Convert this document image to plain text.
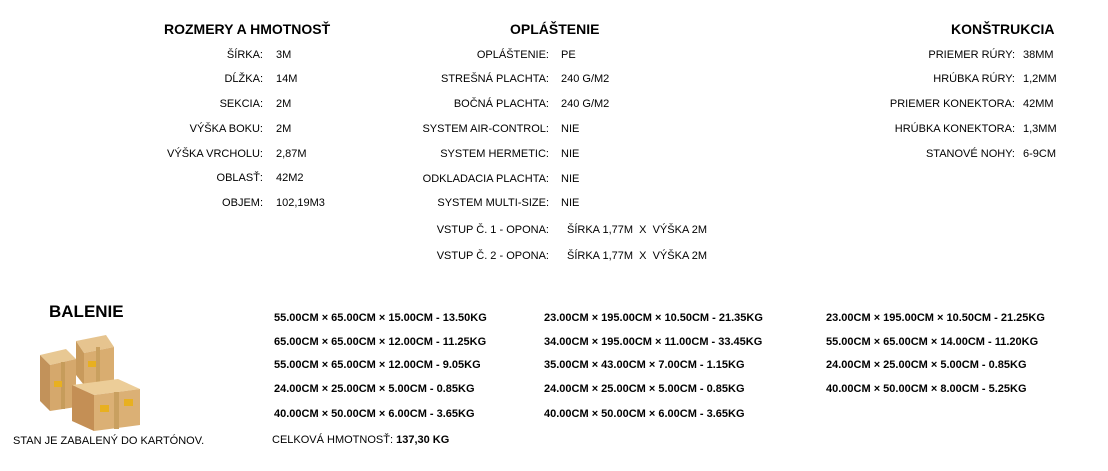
ROZMERY A HMOTNOSŤ
ŠÍRKA: 3M
DĹŽKA: 14M
SEKCIA: 2M
VÝŠKA BOKU: 2M
VÝŠKA VRCHOLU: 2,87M
OBLASŤ: 42M2
OBJEM: 102,19M3
OPLÁŠTENIE
OPLÁŠTENIE: PE
STREŠNÁ PLACHTA: 240 G/M2
BOČNÁ PLACHTA: 240 G/M2
SYSTEM AIR-CONTROL: NIE
SYSTEM HERMETIC: NIE
ODKLADACIA PLACHTA: NIE
SYSTEM MULTI-SIZE: NIE
VSTUP Č. 1 - OPONA: ŠÍRKA 1,77M  X  VÝŠKA 2M
VSTUP Č. 2 - OPONA: ŠÍRKA 1,77M  X  VÝŠKA 2M
KONŠTRUKCIA
PRIEMER RÚRY: 38MM
HRÚBKA RÚRY: 1,2MM
PRIEMER KONEKTORA: 42MM
HRÚBKA KONEKTORA: 1,3MM
STANOVÉ NOHY: 6-9CM
BALENIE
STAN JE ZABALENÝ DO KARTÓNOV.
55.00CM × 65.00CM × 15.00CM - 13.50KG
65.00CM × 65.00CM × 12.00CM - 11.25KG
55.00CM × 65.00CM × 12.00CM - 9.05KG
24.00CM × 25.00CM × 5.00CM - 0.85KG
40.00CM × 50.00CM × 6.00CM - 3.65KG
23.00CM × 195.00CM × 10.50CM - 21.35KG
34.00CM × 195.00CM × 11.00CM - 33.45KG
35.00CM × 43.00CM × 7.00CM - 1.15KG
24.00CM × 25.00CM × 5.00CM - 0.85KG
40.00CM × 50.00CM × 6.00CM - 3.65KG
23.00CM × 195.00CM × 10.50CM - 21.25KG
55.00CM × 65.00CM × 14.00CM - 11.20KG
24.00CM × 25.00CM × 5.00CM - 0.85KG
40.00CM × 50.00CM × 8.00CM - 5.25KG
CELKOVÁ HMOTNOSŤ: 137,30 KG
